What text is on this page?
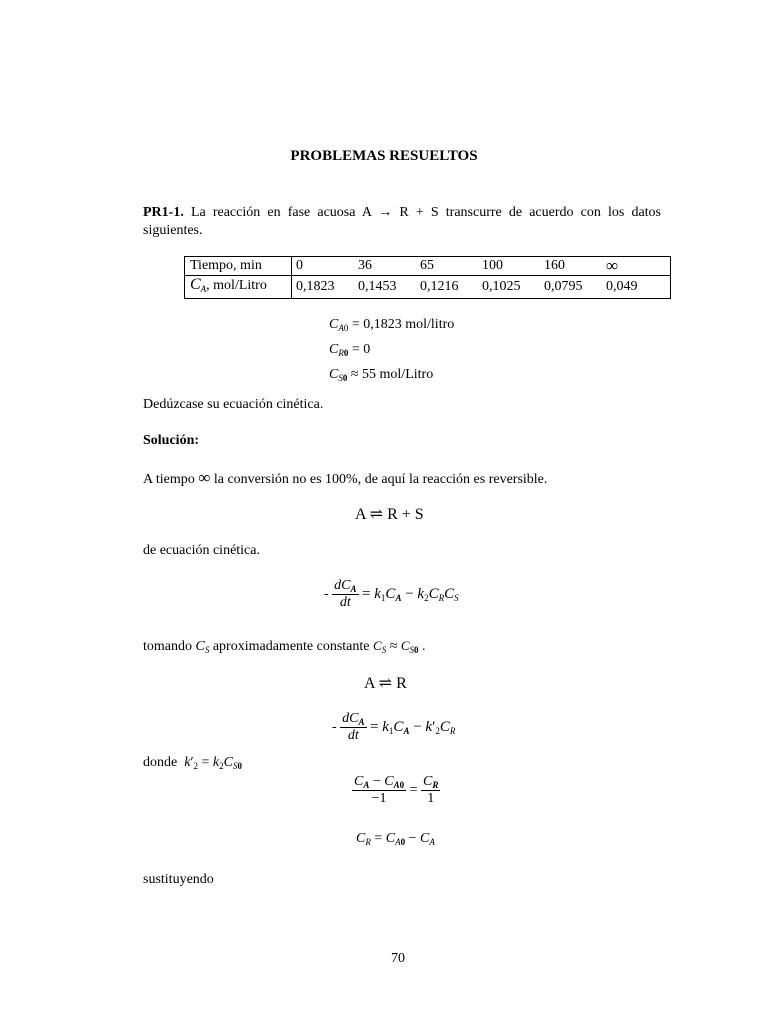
PROBLEMAS RESUELTOS
PR1-1. La reacción en fase acuosa A → R + S transcurre de acuerdo con los datos siguientes.
Tiempo, min	0	36	65	100	160	∞
$C_A$, mol/Litro	0,1823	0,1453	0,1216	0,1025	0,0795	0,049
$C_{A0} = 0,1823$ mol/litro
$C_{R0} = 0$
$C_{S0} \approx 55$ mol/Litro
Dedúzcase su ecuación cinética.
Solución:
A tiempo ∞ la conversión no es 100%, de aquí la reacción es reversible.
A ⇌ R + S
de ecuación cinética.
- $\frac{dC_A}{dt} = k_1C_A - k_2C_RC_S$
tomando $C_S$ aproximadamente constante $C_S \approx C_{S0}$ .
A ⇌ R
- $\frac{dC_A}{dt} = k_1C_A - k'_2C_R$
donde $k'_2 = k_2C_{S0}$
$\frac{C_A - C_{A0}}{-1} = \frac{C_R}{1}$
$C_R = C_{A0} - C_A$
sustituyendo
70
